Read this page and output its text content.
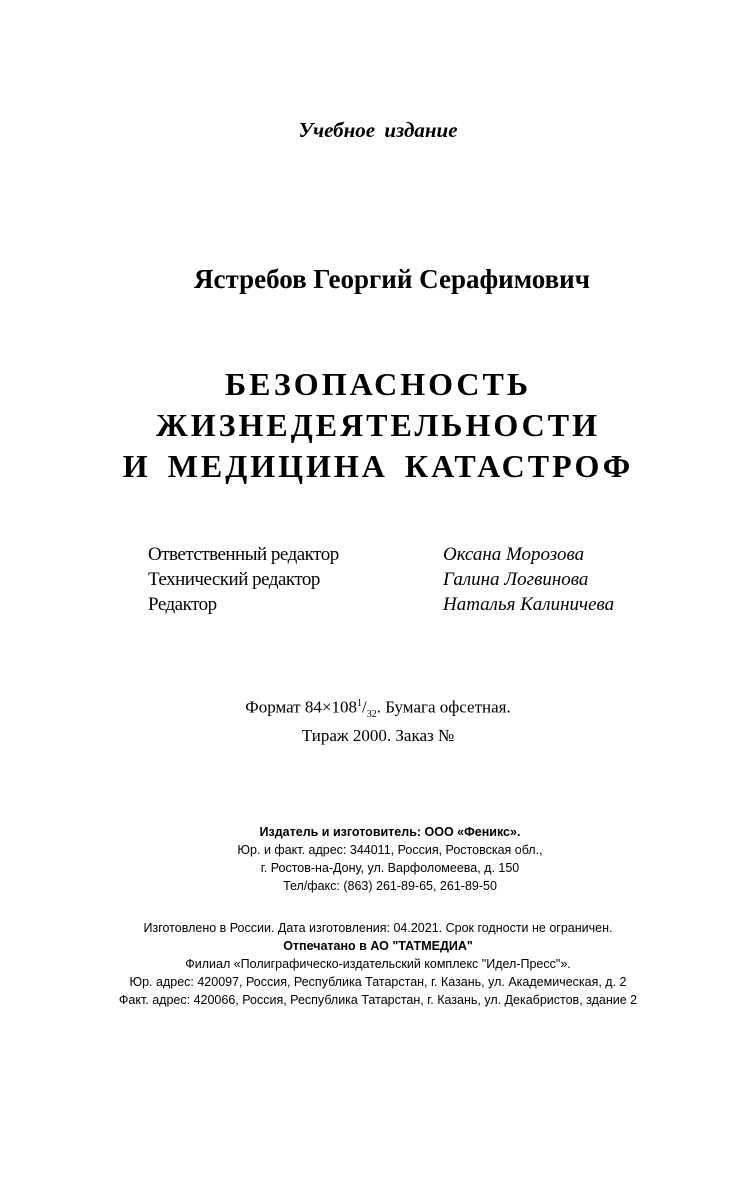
Учебное издание
Ястребов Георгий Серафимович
БЕЗОПАСНОСТЬ
ЖИЗНЕДЕЯТЕЛЬНОСТИ
И МЕДИЦИНА КАТАСТРОФ
Ответственный редактор	Оксана Морозова
Технический редактор	Галина Логвинова
Редактор	Наталья Калиничева
Формат $84\times 108^1/_{32}$. Бумага офсетная.
Тираж 2000. Заказ №
Издатель и изготовитель: ООО «Феникс».
Юр. и факт. адрес: 344011, Россия, Ростовская обл.,
г. Ростов-на-Дону, ул. Варфоломеева, д. 150
Тел/факс: (863) 261-89-65, 261-89-50
Изготовлено в России. Дата изготовления: 04.2021. Срок годности не ограничен.
Отпечатано в АО "ТАТМЕДИА"
Филиал «Полиграфическо-издательский комплекс "Идел-Пресс"».
Юр. адрес: 420097, Россия, Республика Татарстан, г. Казань, ул. Академическая, д. 2
Факт. адрес: 420066, Россия, Республика Татарстан, г. Казань, ул. Декабристов, здание 2
